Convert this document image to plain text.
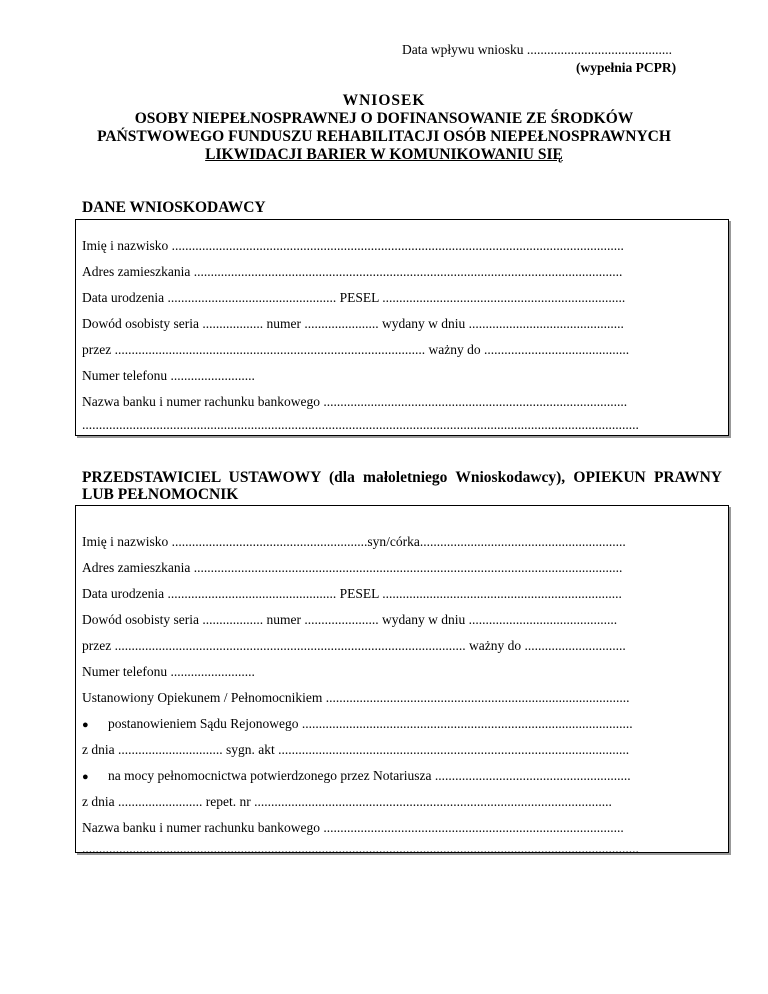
Data wpływu wniosku ...........................................
(wypełnia PCPR)
WNIOSEK
OSOBY NIEPEŁNOSPRAWNEJ O DOFINANSOWANIE ZE ŚRODKÓW
PAŃSTWOWEGO FUNDUSZU REHABILITACJI OSÓB NIEPEŁNOSPRAWNYCH
LIKWIDACJI BARIER W KOMUNIKOWANIU SIĘ
DANE WNIOSKODAWCY
Imię i nazwisko ......................................................................................................................................
Adres zamieszkania ...............................................................................................................................
Data urodzenia .................................................. PESEL ........................................................................
Dowód osobisty seria .................. numer ...................... wydany w dniu ..............................................
przez ............................................................................................ ważny do ...........................................
Numer telefonu .........................
Nazwa banku i numer rachunku bankowego ..........................................................................................
.....................................................................................................................................................................
PRZEDSTAWICIEL USTAWOWY (dla małoletniego Wnioskodawcy), OPIEKUN PRAWNY LUB PEŁNOMOCNIK
Imię i nazwisko ..........................................................syn/córka.............................................................
Adres zamieszkania ...............................................................................................................................
Data urodzenia .................................................. PESEL .......................................................................
Dowód osobisty seria .................. numer ...................... wydany w dniu ............................................
przez ........................................................................................................ ważny do ..............................
Numer telefonu .........................
Ustanowiony Opiekunem / Pełnomocnikiem ..........................................................................................
● postanowieniem Sądu Rejonowego ..................................................................................................
z dnia ............................... sygn. akt ........................................................................................................
● na mocy pełnomocnictwa potwierdzonego przez Notariusza ..........................................................
z dnia ......................... repet. nr ..........................................................................................................
Nazwa banku i numer rachunku bankowego .........................................................................................
.....................................................................................................................................................................
